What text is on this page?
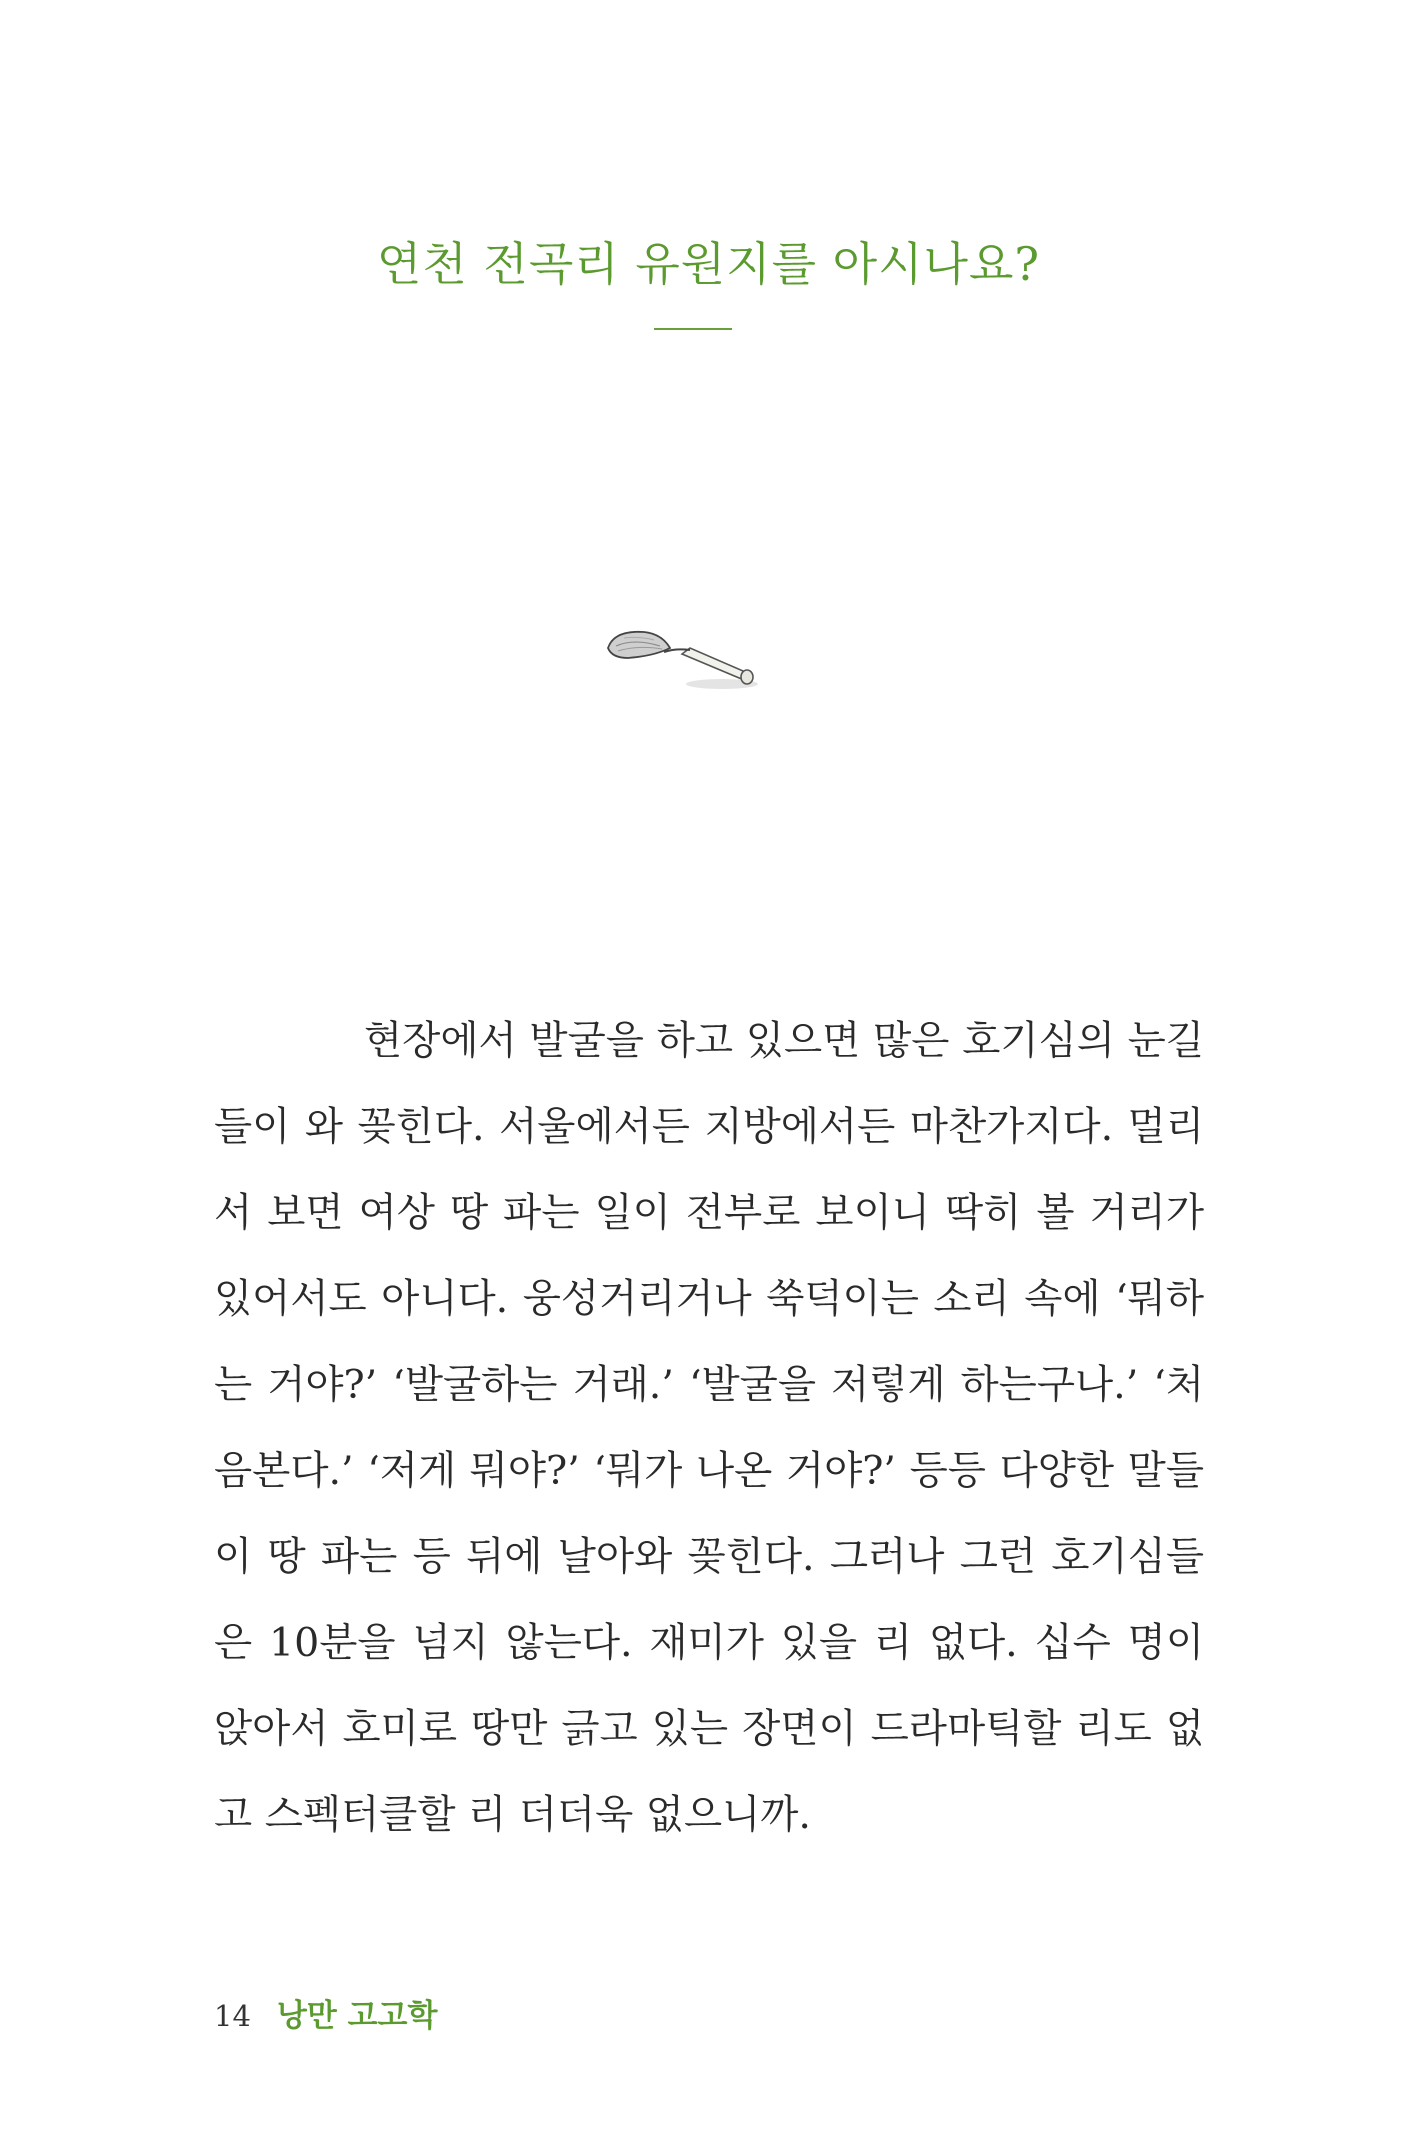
연천 전곡리 유원지를 아시나요?

현장에서 발굴을 하고 있으면 많은 호기심의 눈길들이 와 꽂힌다. 서울에서든 지방에서든 마찬가지다. 멀리서 보면 여상 땅 파는 일이 전부로 보이니 딱히 볼 거리가 있어서도 아니다. 웅성거리거나 쑥덕이는 소리 속에 ‘뭐하는 거야?’ ‘발굴하는 거래.’ ‘발굴을 저렇게 하는구나.’ ‘처음본다.’ ‘저게 뭐야?’ ‘뭐가 나온 거야?’ 등등 다양한 말들이 땅 파는 등 뒤에 날아와 꽂힌다. 그러나 그런 호기심들은 10분을 넘지 않는다. 재미가 있을 리 없다. 십수 명이 앉아서 호미로 땅만 긁고 있는 장면이 드라마틱할 리도 없고 스펙터클할 리 더더욱 없으니까.

14 낭만 고고학
